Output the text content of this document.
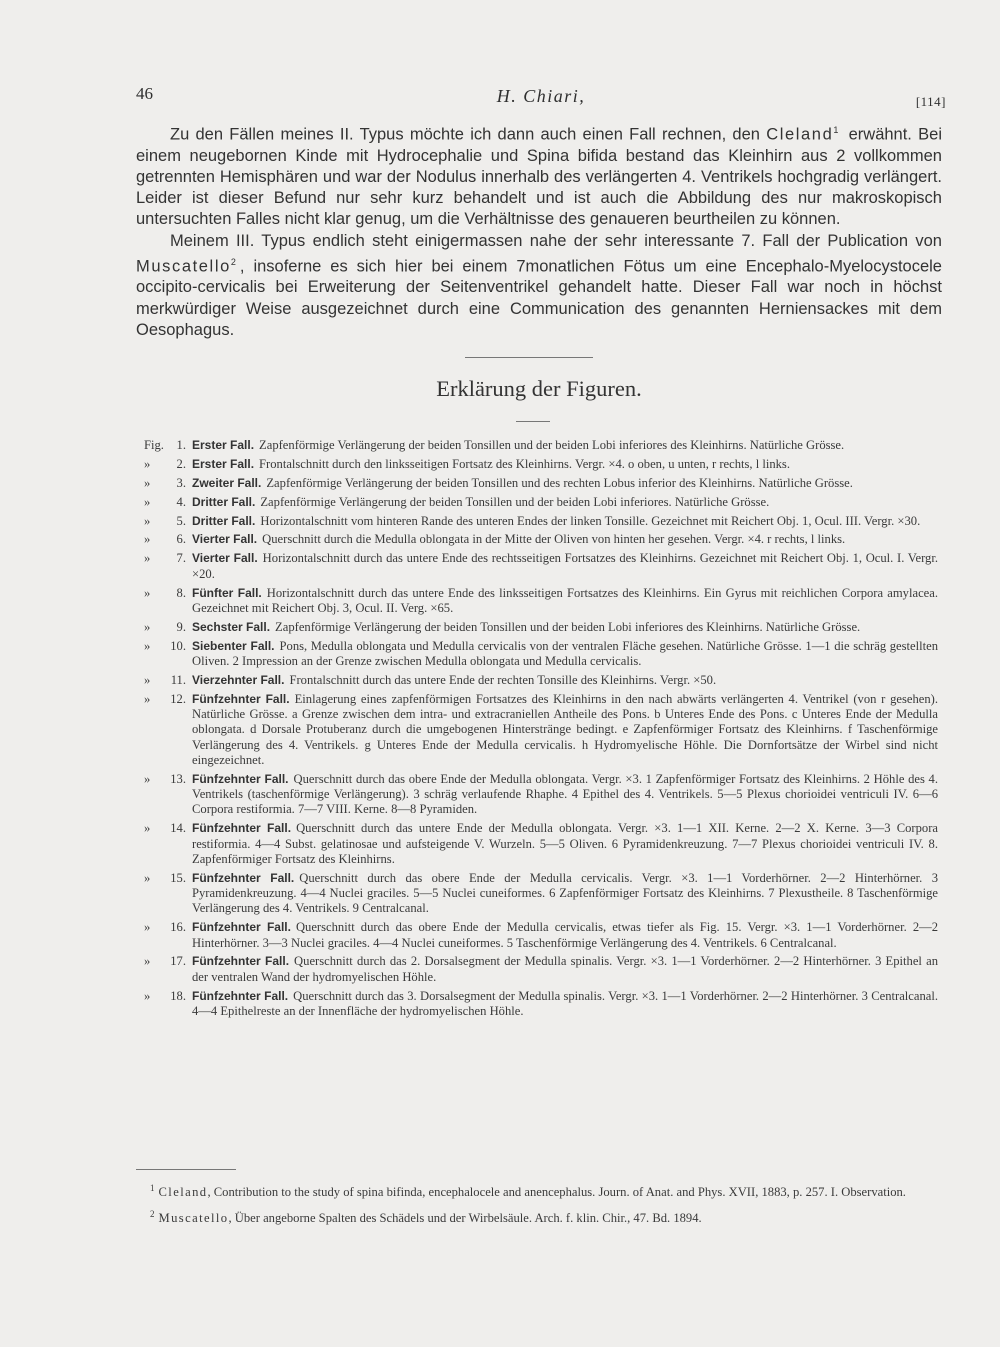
46	H. Chiari,	[114]

Zu den Fällen meines II. Typus möchte ich dann auch einen Fall rechnen, den Cleland$^1$ erwähnt. Bei einem neugebornen Kinde mit Hydrocephalie und Spina bifida bestand das Kleinhirn aus 2 vollkommen getrennten Hemisphären und war der Nodulus innerhalb des verlängerten 4. Ventrikels hochgradig verlängert. Leider ist dieser Befund nur sehr kurz behandelt und ist auch die Abbildung des nur makroskopisch untersuchten Falles nicht klar genug, um die Verhältnisse des genaueren beurtheilen zu können.

Meinem III. Typus endlich steht einigermassen nahe der sehr interessante 7. Fall der Publication von Muscatello$^2$ , insoferne es sich hier bei einem 7monatlichen Fötus um eine Encephalo-Myelocystocele occipito-cervicalis bei Erweiterung der Seitenventrikel gehandelt hatte. Dieser Fall war noch in höchst merkwürdiger Weise ausgezeichnet durch eine Communication des genannten Herniensackes mit dem Oesophagus.

Erklärung der Figuren.
Fig. 1. Erster Fall. Zapfenförmige Verlängerung der beiden Tonsillen und der beiden Lobi inferiores des Kleinhirns. Natürliche Grösse.
» 2. Erster Fall. Frontalschnitt durch den linksseitigen Fortsatz des Kleinhirns. Vergr. ×4. o oben, u unten, r rechts, l links.
» 3. Zweiter Fall. Zapfenförmige Verlängerung der beiden Tonsillen und des rechten Lobus inferior des Kleinhirns. Natürliche Grösse.
» 4. Dritter Fall. Zapfenförmige Verlängerung der beiden Tonsillen und der beiden Lobi inferiores. Natürliche Grösse.
» 5. Dritter Fall. Horizontalschnitt vom hinteren Rande des unteren Endes der linken Tonsille. Gezeichnet mit Reichert Obj. 1, Ocul. III. Vergr. ×30.
» 6. Vierter Fall. Querschnitt durch die Medulla oblongata in der Mitte der Oliven von hinten her gesehen. Vergr. ×4. r rechts, l links.
» 7. Vierter Fall. Horizontalschnitt durch das untere Ende des rechtsseitigen Fortsatzes des Kleinhirns. Gezeichnet mit Reichert Obj. 1, Ocul. I. Vergr. ×20.
» 8. Fünfter Fall. Horizontalschnitt durch das untere Ende des linksseitigen Fortsatzes des Kleinhirns. Ein Gyrus mit reichlichen Corpora amylacea. Gezeichnet mit Reichert Obj. 3, Ocul. II. Verg. ×65.
» 9. Sechster Fall. Zapfenförmige Verlängerung der beiden Tonsillen und der beiden Lobi inferiores des Kleinhirns. Natürliche Grösse.
» 10. Siebenter Fall. Pons, Medulla oblongata und Medulla cervicalis von der ventralen Fläche gesehen. Natürliche Grösse. 1—1 die schräg gestellten Oliven. 2 Impression an der Grenze zwischen Medulla oblongata und Medulla cervicalis.
» 11. Vierzehnter Fall. Frontalschnitt durch das untere Ende der rechten Tonsille des Kleinhirns. Vergr. ×50.
» 12. Fünfzehnter Fall. Einlagerung eines zapfenförmigen Fortsatzes des Kleinhirns in den nach abwärts verlängerten 4. Ventrikel (von r gesehen). Natürliche Grösse. a Grenze zwischen dem intra- und extracraniellen Antheile des Pons. b Unteres Ende des Pons. c Unteres Ende der Medulla oblongata. d Dorsale Protuberanz durch die umgebogenen Hinterstränge bedingt. e Zapfenförmiger Fortsatz des Kleinhirns. f Taschenförmige Verlängerung des 4. Ventrikels. g Unteres Ende der Medulla cervicalis. h Hydromyelische Höhle. Die Dornfortsätze der Wirbel sind nicht eingezeichnet.
» 13. Fünfzehnter Fall. Querschnitt durch das obere Ende der Medulla oblongata. Vergr. ×3. 1 Zapfenförmiger Fortsatz des Kleinhirns. 2 Höhle des 4. Ventrikels (taschenförmige Verlängerung). 3 schräg verlaufende Rhaphe. 4 Epithel des 4. Ventrikels. 5—5 Plexus chorioidei ventriculi IV. 6—6 Corpora restiformia. 7—7 VIII. Kerne. 8—8 Pyramiden.
» 14. Fünfzehnter Fall. Querschnitt durch das untere Ende der Medulla oblongata. Vergr. ×3. 1—1 XII. Kerne. 2—2 X. Kerne. 3—3 Corpora restiformia. 4—4 Subst. gelatinosae und aufsteigende V. Wurzeln. 5—5 Oliven. 6 Pyramidenkreuzung. 7—7 Plexus chorioidei ventriculi IV. 8. Zapfenförmiger Fortsatz des Kleinhirns.
» 15. Fünfzehnter Fall. Querschnitt durch das obere Ende der Medulla cervicalis. Vergr. ×3. 1—1 Vorderhörner. 2—2 Hinterhörner. 3 Pyramidenkreuzung. 4—4 Nuclei graciles. 5—5 Nuclei cuneiformes. 6 Zapfenförmiger Fortsatz des Kleinhirns. 7 Plexustheile. 8 Taschenförmige Verlängerung des 4. Ventrikels. 9 Centralcanal.
» 16. Fünfzehnter Fall. Querschnitt durch das obere Ende der Medulla cervicalis, etwas tiefer als Fig. 15. Vergr. ×3. 1—1 Vorderhörner. 2—2 Hinterhörner. 3—3 Nuclei graciles. 4—4 Nuclei cuneiformes. 5 Taschenförmige Verlängerung des 4. Ventrikels. 6 Centralcanal.
» 17. Fünfzehnter Fall. Querschnitt durch das 2. Dorsalsegment der Medulla spinalis. Vergr. ×3. 1—1 Vorderhörner. 2—2 Hinterhörner. 3 Epithel an der ventralen Wand der hydromyelischen Höhle.
» 18. Fünfzehnter Fall. Querschnitt durch das 3. Dorsalsegment der Medulla spinalis. Vergr. ×3. 1—1 Vorderhörner. 2—2 Hinterhörner. 3 Centralcanal. 4—4 Epithelreste an der Innenfläche der hydromyelischen Höhle.

$^1$ Cleland, Contribution to the study of spina bifinda, encephalocele and anencephalus. Journ. of Anat. and Phys. XVII, 1883, p. 257. I. Observation.

$^2$ Muscatello, Über angeborne Spalten des Schädels und der Wirbelsäule. Arch. f. klin. Chir., 47. Bd. 1894.
